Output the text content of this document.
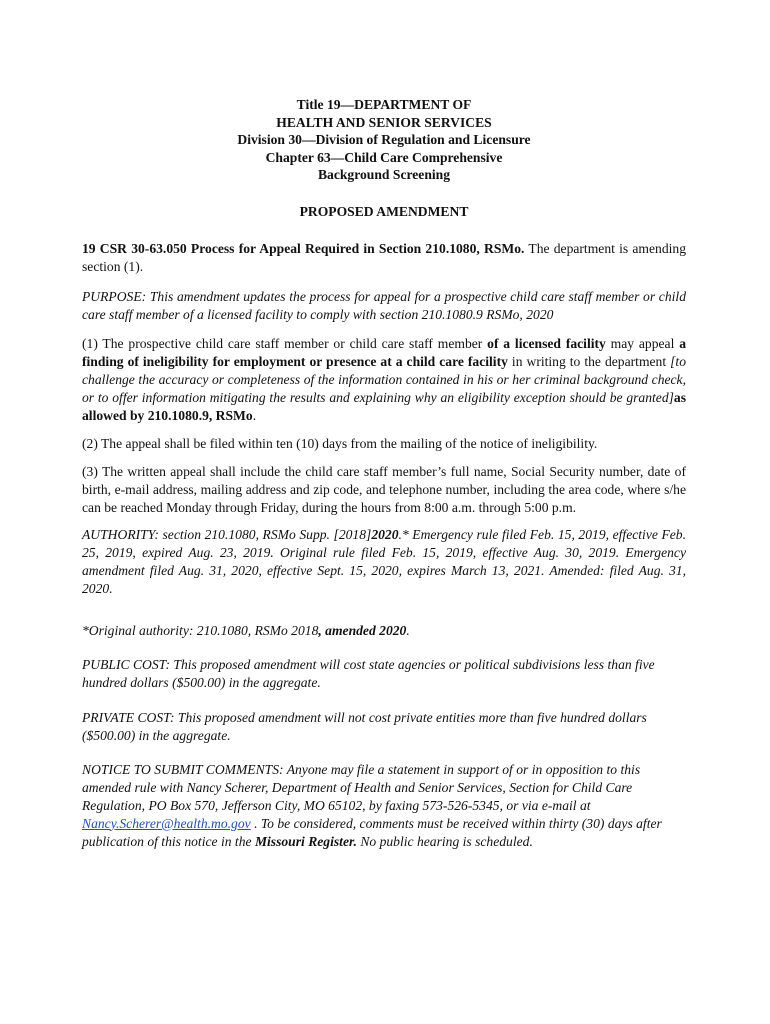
Title 19—DEPARTMENT OF
HEALTH AND SENIOR SERVICES
Division 30—Division of Regulation and Licensure
Chapter 63—Child Care Comprehensive
Background Screening
PROPOSED AMENDMENT

19 CSR 30-63.050 Process for Appeal Required in Section 210.1080, RSMo. The department is amending section (1).

PURPOSE: This amendment updates the process for appeal for a prospective child care staff member or child care staff member of a licensed facility to comply with section 210.1080.9 RSMo, 2020

(1) The prospective child care staff member or child care staff member of a licensed facility may appeal a finding of ineligibility for employment or presence at a child care facility in writing to the department [to challenge the accuracy or completeness of the information contained in his or her criminal background check, or to offer information mitigating the results and explaining why an eligibility exception should be granted]as allowed by 210.1080.9, RSMo.

(2) The appeal shall be filed within ten (10) days from the mailing of the notice of ineligibility.

(3) The written appeal shall include the child care staff member’s full name, Social Security number, date of birth, e-mail address, mailing address and zip code, and telephone number, including the area code, where s/he can be reached Monday through Friday, during the hours from 8:00 a.m. through 5:00 p.m.

AUTHORITY: section 210.1080, RSMo Supp. [2018]2020.* Emergency rule filed Feb. 15, 2019, effective Feb. 25, 2019, expired Aug. 23, 2019. Original rule filed Feb. 15, 2019, effective Aug. 30, 2019. Emergency amendment filed Aug. 31, 2020, effective Sept. 15, 2020, expires March 13, 2021. Amended: filed Aug. 31, 2020.

*Original authority: 210.1080, RSMo 2018, amended 2020.

PUBLIC COST: This proposed amendment will cost state agencies or political subdivisions less than five hundred dollars ($500.00) in the aggregate.

PRIVATE COST: This proposed amendment will not cost private entities more than five hundred dollars ($500.00) in the aggregate.

NOTICE TO SUBMIT COMMENTS: Anyone may file a statement in support of or in opposition to this amended rule with Nancy Scherer, Department of Health and Senior Services, Section for Child Care Regulation, PO Box 570, Jefferson City, MO 65102, by faxing 573-526-5345, or via e-mail at Nancy.Scherer@health.mo.gov . To be considered, comments must be received within thirty (30) days after publication of this notice in the Missouri Register. No public hearing is scheduled.
